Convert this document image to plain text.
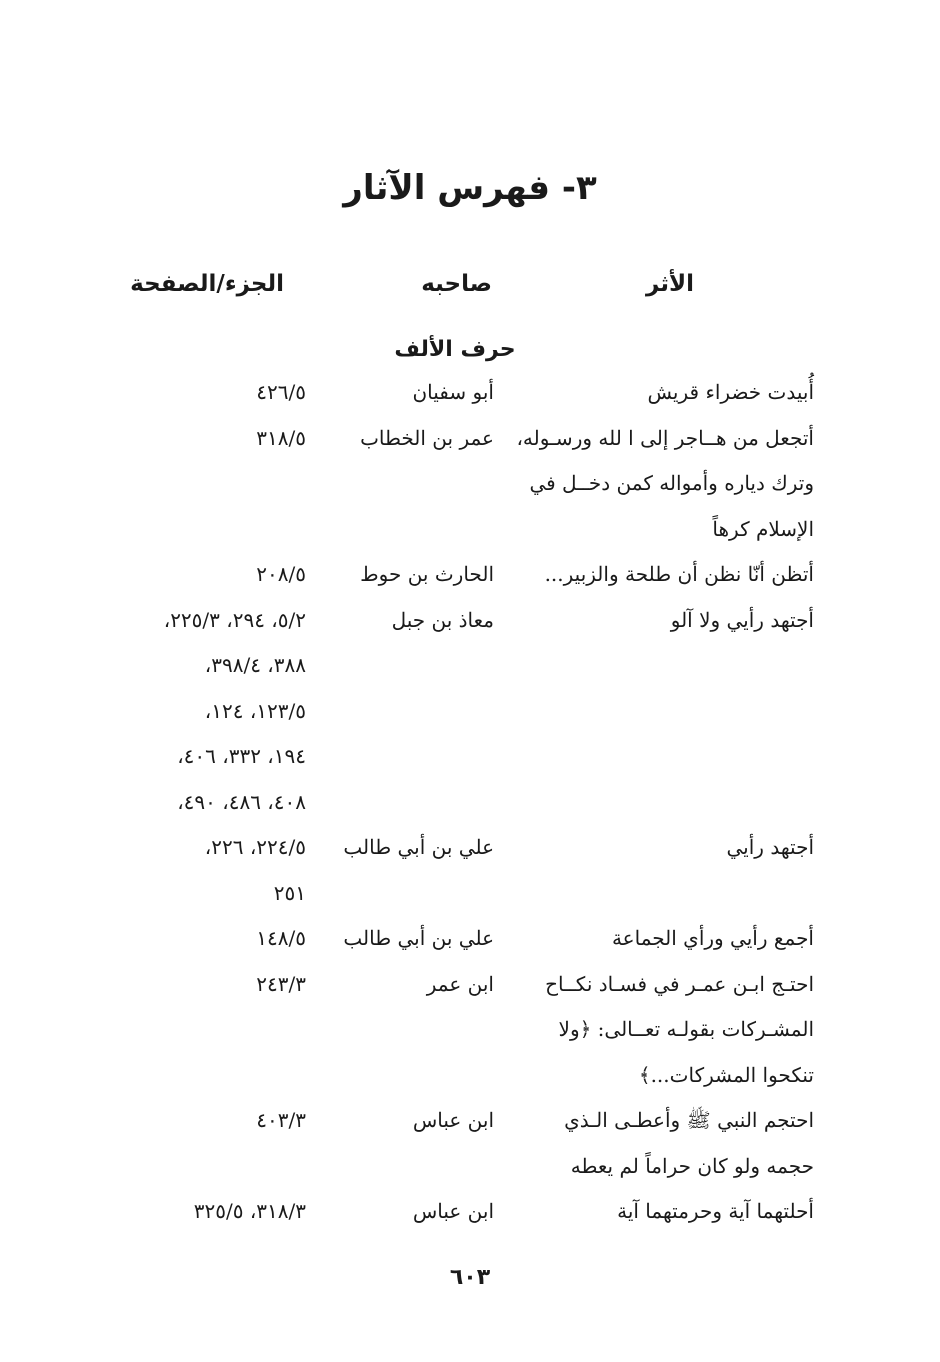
٣- فهرس الآثار
الأثر
صاحبه
الجزء/الصفحة
حرف الألف
أُبيدت خضراء قريش
أبو سفيان
٤٢٦/٥
أتجعل من هــاجر إلى ا لله ورسـوله،
عمر بن الخطاب
٣١٨/٥
وترك دياره وأمواله كمن دخــل في
الإسلام كرهاً
أتظن أنّا نظن أن طلحة والزبير...
الحارث بن حوط
٢٠٨/٥
أجتهد رأيي ولا آلو
معاذ بن جبل
٥/٢، ٢٩٤، ٢٢٥/٣،
٣٨٨، ٣٩٨/٤،
١٢٣/٥، ١٢٤،
١٩٤، ٣٣٢، ٤٠٦،
٤٠٨، ٤٨٦، ٤٩٠،
أجتهد رأيي
علي بن أبي طالب
٢٢٤/٥، ٢٢٦،
٢٥١
أجمع رأيي ورأي الجماعة
علي بن أبي طالب
١٤٨/٥
احتـج ابـن عمـر في فسـاد نكــاح
ابن عمر
٢٤٣/٣
المشـركات بقولـه تعــالى: ﴿ولا
تنكحوا المشركات...﴾
احتجم النبي ﷺ وأعطـى الـذي
ابن عباس
٤٠٣/٣
حجمه ولو كان حراماً لم يعطه
أحلتهما آية وحرمتهما آية
ابن عباس
٣١٨/٣، ٣٢٥/٥
٦٠٣
